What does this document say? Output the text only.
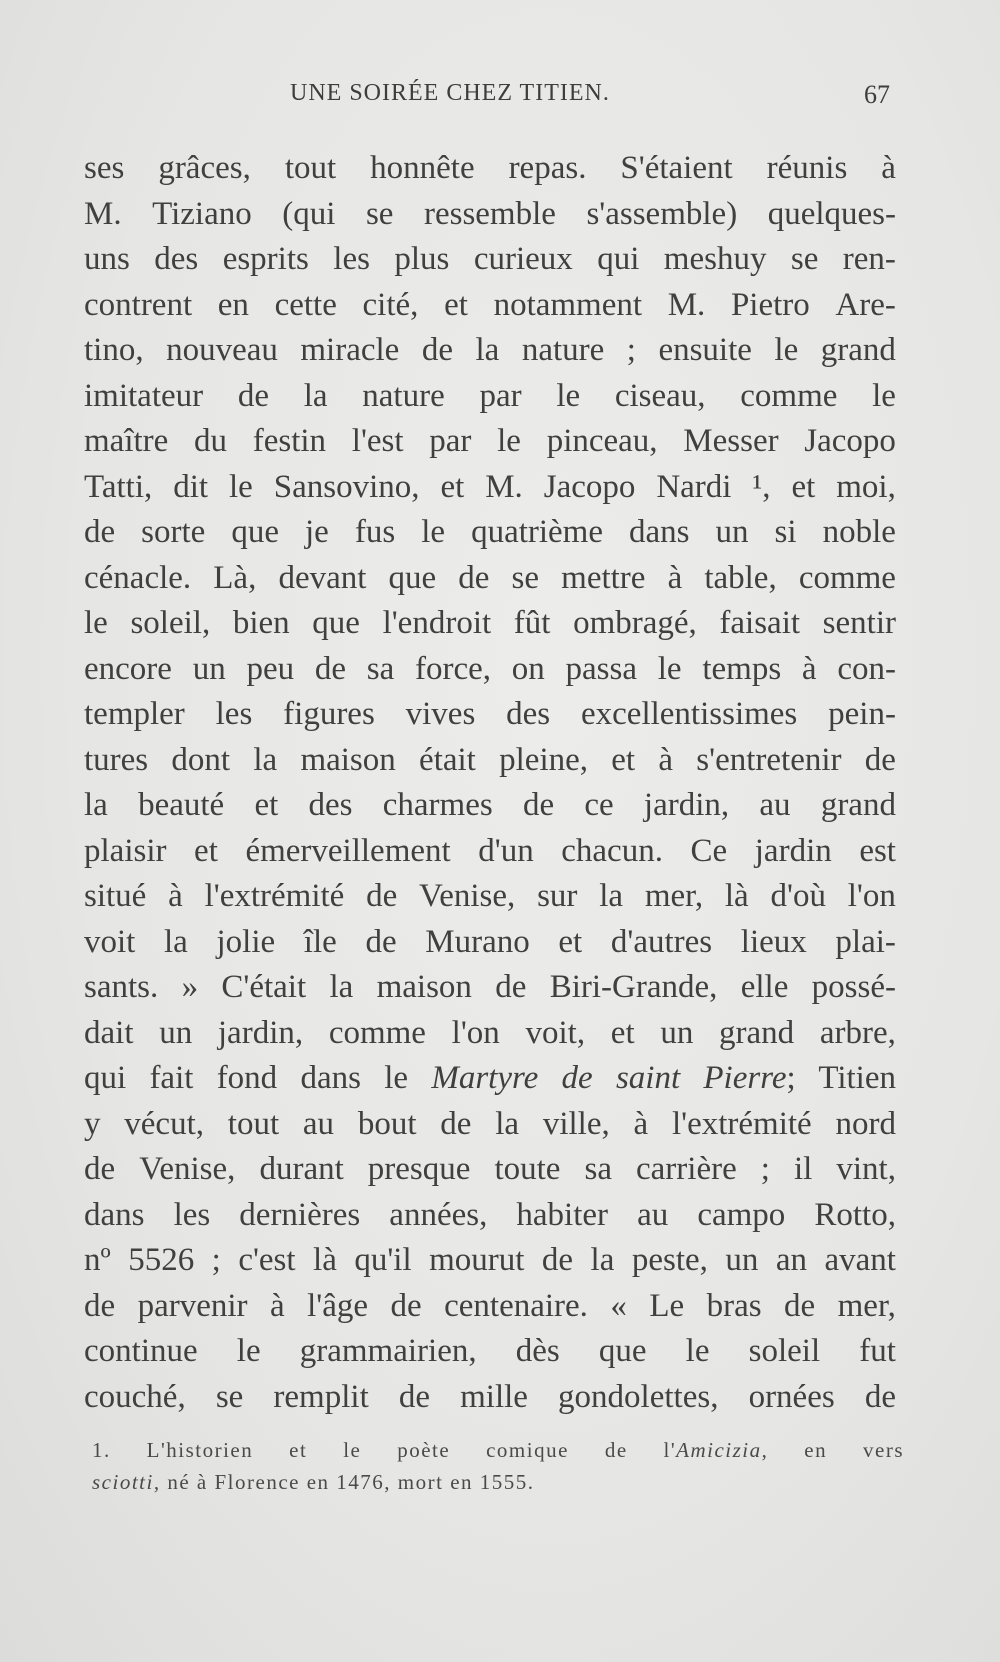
UNE SOIRÉE CHEZ TITIEN.	67
ses grâces, tout honnête repas. S'étaient réunis à
M. Tiziano (qui se ressemble s'assemble) quelques-
uns des esprits les plus curieux qui meshuy se ren-
contrent en cette cité, et notamment M. Pietro Are-
tino, nouveau miracle de la nature ; ensuite le grand
imitateur de la nature par le ciseau, comme le
maître du festin l'est par le pinceau, Messer Jacopo
Tatti, dit le Sansovino, et M. Jacopo Nardi ¹, et moi,
de sorte que je fus le quatrième dans un si noble
cénacle. Là, devant que de se mettre à table, comme
le soleil, bien que l'endroit fût ombragé, faisait sentir
encore un peu de sa force, on passa le temps à con-
templer les figures vives des excellentissimes pein-
tures dont la maison était pleine, et à s'entretenir de
la beauté et des charmes de ce jardin, au grand
plaisir et émerveillement d'un chacun. Ce jardin est
situé à l'extrémité de Venise, sur la mer, là d'où l'on
voit la jolie île de Murano et d'autres lieux plai-
sants. » C'était la maison de Biri-Grande, elle possé-
dait un jardin, comme l'on voit, et un grand arbre,
qui fait fond dans le Martyre de saint Pierre; Titien
y vécut, tout au bout de la ville, à l'extrémité nord
de Venise, durant presque toute sa carrière ; il vint,
dans les dernières années, habiter au campo Rotto,
nº 5526 ; c'est là qu'il mourut de la peste, un an avant
de parvenir à l'âge de centenaire. « Le bras de mer,
continue le grammairien, dès que le soleil fut
couché, se remplit de mille gondolettes, ornées de
1. L'historien et le poète comique de l'Amicizia, en vers
sciotti, né à Florence en 1476, mort en 1555.
